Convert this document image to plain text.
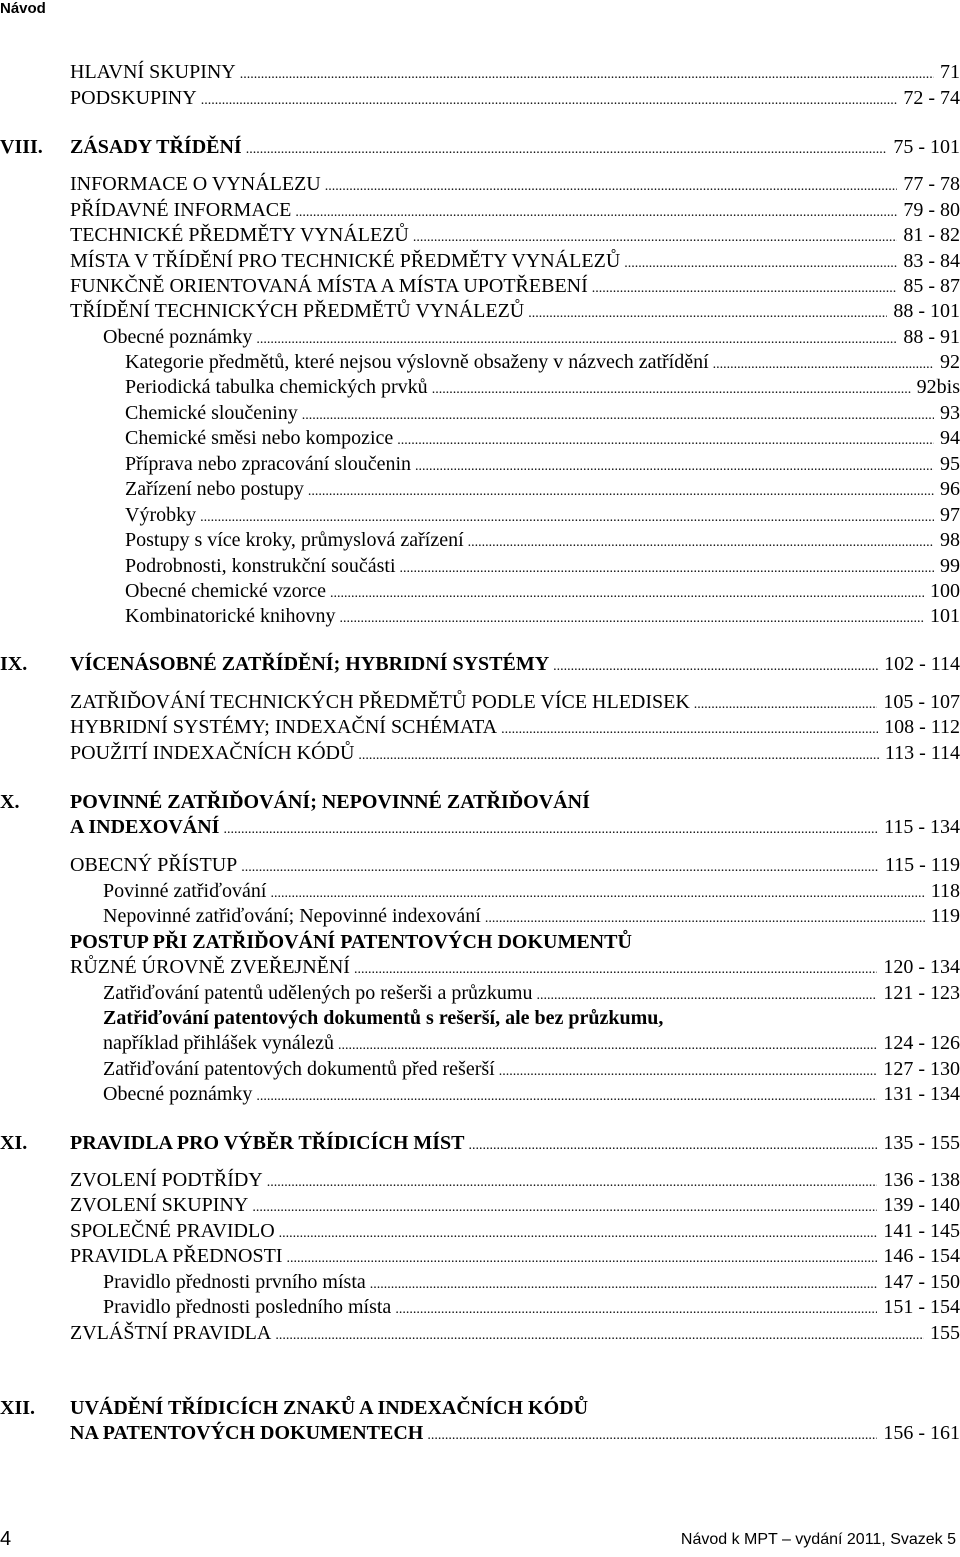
Návod
HLAVNÍ SKUPINY .....	71
PODSKUPINY .....	72 - 74
VIII. ZÁSADY TŘÍDĚNÍ .....	75 - 101
INFORMACE O VYNÁLEZU .....	77 - 78
PŘÍDAVNÉ INFORMACE .....	79 - 80
TECHNICKÉ PŘEDMĚTY VYNÁLEZŮ .....	81 - 82
MÍSTA V TŘÍDĚNÍ PRO TECHNICKÉ PŘEDMĚTY VYNÁLEZŮ .....	83 - 84
FUNKČNĚ ORIENTOVANÁ MÍSTA A MÍSTA UPOTŘEBENÍ .....	85 - 87
TŘÍDĚNÍ TECHNICKÝCH PŘEDMĚTŮ VYNÁLEZŮ .....	88 - 101
Obecné poznámky .....	88 - 91
Kategorie předmětů, které nejsou výslovně obsaženy v názvech zatřídění .....	92
Periodická tabulka chemických prvků .....	92bis
Chemické sloučeniny .....	93
Chemické směsi nebo kompozice .....	94
Příprava nebo zpracování sloučenin .....	95
Zařízení nebo postupy .....	96
Výrobky .....	97
Postupy s více kroky, průmyslová zařízení .....	98
Podrobnosti, konstrukční součásti .....	99
Obecné chemické vzorce .....	100
Kombinatorické knihovny .....	101
IX. VÍCENÁSOBNÉ ZATŘÍDĚNÍ; HYBRIDNÍ SYSTÉMY .....	102 - 114
ZATŘIĎOVÁNÍ TECHNICKÝCH PŘEDMĚTŮ PODLE VÍCE HLEDISEK .....	105 - 107
HYBRIDNÍ SYSTÉMY; INDEXAČNÍ SCHÉMATA .....	108 - 112
POUŽITÍ INDEXAČNÍCH KÓDŮ .....	113 - 114
X.	POVINNÉ ZATŘIĎOVÁNÍ; NEPOVINNÉ ZATŘIĎOVÁNÍ
A INDEXOVÁNÍ .....	115 - 134
OBECNÝ PŘÍSTUP .....	115 - 119
Povinné zatřiďování .....	118
Nepovinné zatřiďování; Nepovinné indexování .....	119
POSTUP PŘI ZATŘIĎOVÁNÍ PATENTOVÝCH DOKUMENTŮ
RŮZNÉ ÚROVNĚ ZVEŘEJNĚNÍ .....	120 - 134
Zatřiďování patentů udělených po rešerši a průzkumu .....	121 - 123
Zatřiďování patentových dokumentů s rešerší, ale bez průzkumu,
například přihlášek vynálezů .....	124 - 126
Zatřiďování patentových dokumentů před rešerší .....	127 - 130
Obecné poznámky .....	131 - 134
XI. PRAVIDLA PRO VÝBĚR TŘÍDICÍCH MÍST .....	135 - 155
ZVOLENÍ PODTŘÍDY .....	136 - 138
ZVOLENÍ SKUPINY .....	139 - 140
SPOLEČNÉ PRAVIDLO .....	141 - 145
PRAVIDLA PŘEDNOSTI .....	146 - 154
Pravidlo přednosti prvního místa .....	147 - 150
Pravidlo přednosti posledního místa .....	151 - 154
ZVLÁŠTNÍ PRAVIDLA .....	155
XII. UVÁDĚNÍ TŘÍDICÍCH ZNAKŮ A INDEXAČNÍCH KÓDŮ
NA PATENTOVÝCH DOKUMENTECH .....	156 - 161
4	Návod k MPT – vydání 2011, Svazek 5
